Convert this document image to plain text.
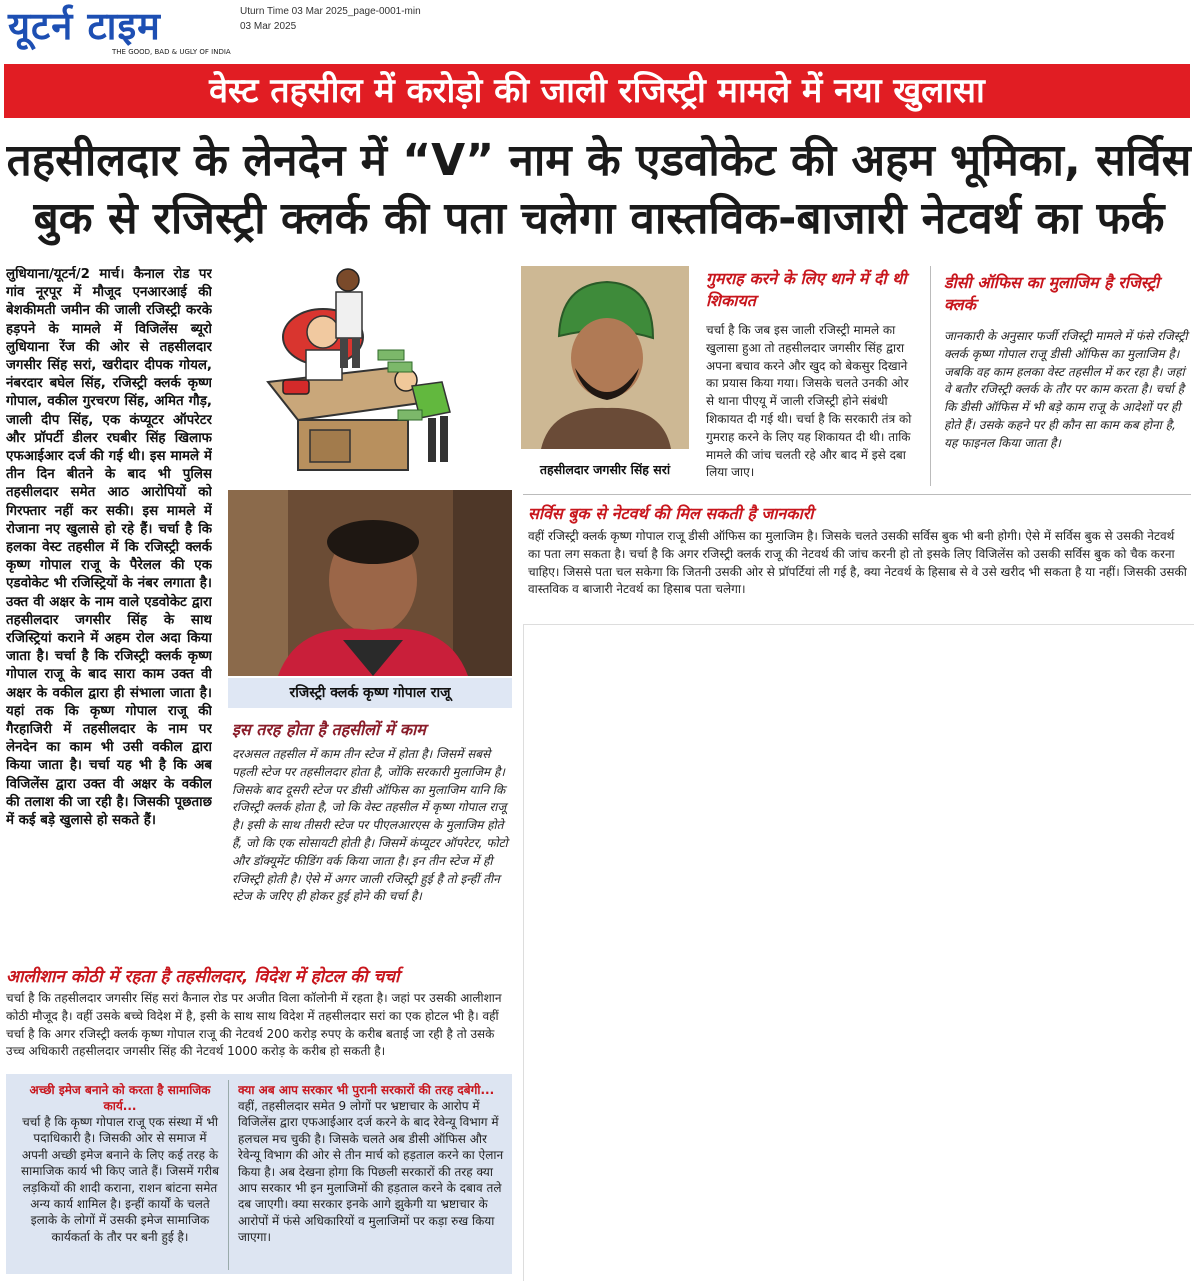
यूटर्न टाइम
THE GOOD, BAD & UGLY OF INDIA
Uturn Time 03 Mar 2025_page-0001-min
03 Mar 2025
वेस्ट तहसील में करोड़ो की जाली रजिस्ट्री मामले में नया खुलासा
तहसीलदार के लेनदेन में “V” नाम के एडवोकेट की अहम भूमिका, सर्विस
बुक से रजिस्ट्री क्लर्क की पता चलेगा वास्तविक-बाजारी नेटवर्थ का फर्क
लुधियाना/यूटर्न/2 मार्च। कैनाल रोड पर गांव नूरपूर में मौजूद एनआरआई की बेशकीमती जमीन की जाली रजिस्ट्री करके हड़पने के मामले में विजिलेंस ब्यूरो लुधियाना रेंज की ओर से तहसीलदार जगसीर सिंह सरां, खरीदार दीपक गोयल, नंबरदार बघेल सिंह, रजिस्ट्री क्लर्क कृष्ण गोपाल, वकील गुरचरण सिंह, अमित गौड़, जाली दीप सिंह, एक कंप्यूटर ऑपरेटर और प्रॉपर्टी डीलर रघबीर सिंह खिलाफ एफआईआर दर्ज की गई थी। इस मामले में तीन दिन बीतने के बाद भी पुलिस तहसीलदार समेत आठ आरोपियों को गिरफ्तार नहीं कर सकी। इस मामले में रोजाना नए खुलासे हो रहे हैं। चर्चा है कि हलका वेस्ट तहसील में कि रजिस्ट्री क्लर्क कृष्ण गोपाल राजू के पैरेलल की एक एडवोकेट भी रजिस्ट्रियों के नंबर लगाता है। उक्त वी अक्षर के नाम वाले एडवोकेट द्वारा तहसीलदार जगसीर सिंह के साथ रजिस्ट्रियां कराने में अहम रोल अदा किया जाता है। चर्चा है कि रजिस्ट्री क्लर्क कृष्ण गोपाल राजू के बाद सारा काम उक्त वी अक्षर के वकील द्वारा ही संभाला जाता है। यहां तक कि कृष्ण गोपाल राजू की गैरहाजिरी में तहसीलदार के नाम पर लेनदेन का काम भी उसी वकील द्वारा किया जाता है। चर्चा यह भी है कि अब विजिलेंस द्वारा उक्त वी अक्षर के वकील की तलाश की जा रही है। जिसकी पूछताछ में कई बड़े खुलासे हो सकते हैं।
रजिस्ट्री क्लर्क कृष्ण गोपाल राजू
इस तरह होता है तहसीलों में काम
दरअसल तहसील में काम तीन स्टेज में होता है। जिसमें सबसे पहली स्टेज पर तहसीलदार होता है, जोंकि सरकारी मुलाजिम है। जिसके बाद दूसरी स्टेज पर डीसी ऑफिस का मुलाजिम यानि कि रजिस्ट्री क्लर्क होता है, जो कि वेस्ट तहसील में कृष्ण गोपाल राजू है। इसी के साथ तीसरी स्टेज पर पीएलआरएस के मुलाजिम होते हैं, जो कि एक सोसायटी होती है। जिसमें कंप्यूटर ऑपरेटर, फोटो और डॉक्यूमेंट फीडिंग वर्क किया जाता है। इन तीन स्टेज में ही रजिस्ट्री होती है। ऐसे में अगर जाली रजिस्ट्री हुई है तो इन्हीं तीन स्टेज के जरिए ही होकर हुई होने की चर्चा है।
तहसीलदार जगसीर सिंह सरां
गुमराह करने के लिए थाने में दी थी शिकायत
चर्चा है कि जब इस जाली रजिस्ट्री मामले का खुलासा हुआ तो तहसीलदार जगसीर सिंह द्वारा अपना बचाव करने और खुद को बेकसुर दिखाने का प्रयास किया गया। जिसके चलते उनकी ओर से थाना पीएयू में जाली रजिस्ट्री होने संबंधी शिकायत दी गई थी। चर्चा है कि सरकारी तंत्र को गुमराह करने के लिए यह शिकायत दी थी। ताकि मामले की जांच चलती रहे और बाद में इसे दबा लिया जाए।
डीसी ऑफिस का मुलाजिम है रजिस्ट्री क्लर्क
जानकारी के अनुसार फर्जी रजिस्ट्री मामले में फंसे रजिस्ट्री क्लर्क कृष्ण गोपाल राजू डीसी ऑफिस का मुलाजिम है। जबकि वह काम हलका वेस्ट तहसील में कर रहा है। जहां वे बतौर रजिस्ट्री क्लर्क के तौर पर काम करता है। चर्चा है कि डीसी ऑफिस में भी बड़े काम राजू के आदेशों पर ही होते हैं। उसके कहने पर ही कौन सा काम कब होना है, यह फाइनल किया जाता है।
सर्विस बुक से नेटवर्थ की मिल सकती है जानकारी
वहीं रजिस्ट्री क्लर्क कृष्ण गोपाल राजू डीसी ऑफिस का मुलाजिम है। जिसके चलते उसकी सर्विस बुक भी बनी होगी। ऐसे में सर्विस बुक से उसकी नेटवर्थ का पता लग सकता है। चर्चा है कि अगर रजिस्ट्री क्लर्क राजू की नेटवर्थ की जांच करनी हो तो इसके लिए विजिलेंस को उसकी सर्विस बुक को चैक करना चाहिए। जिससे पता चल सकेगा कि जितनी उसकी ओर से प्रॉपर्टियां ली गई है, क्या नेटवर्थ के हिसाब से वे उसे खरीद भी सकता है या नहीं। जिसकी उसकी वास्तविक व बाजारी नेटवर्थ का हिसाब पता चलेगा।
आलीशान कोठी में रहता है तहसीलदार, विदेश में होटल की चर्चा
चर्चा है कि तहसीलदार जगसीर सिंह सरां कैनाल रोड पर अजीत विला कॉलोनी में रहता है। जहां पर उसकी आलीशान कोठी मौजूद है। वहीं उसके बच्चे विदेश में है, इसी के साथ साथ विदेश में तहसीलदार सरां का एक होटल भी है। वहीं चर्चा है कि अगर रजिस्ट्री क्लर्क कृष्ण गोपाल राजू की नेटवर्थ 200 करोड़ रुपए के करीब बताई जा रही है तो उसके उच्च अधिकारी तहसीलदार जगसीर सिंह की नेटवर्थ 1000 करोड़ के करीब हो सकती है।
अच्छी इमेज बनाने को करता है सामाजिक कार्य...
चर्चा है कि कृष्ण गोपाल राजू एक संस्था में भी पदाधिकारी है। जिसकी ओर से समाज में अपनी अच्छी इमेज बनाने के लिए कई तरह के सामाजिक कार्य भी किए जाते हैं। जिसमें गरीब लड़कियों की शादी कराना, राशन बांटना समेत अन्य कार्य शामिल है। इन्हीं कार्यों के चलते इलाके के लोगों में उसकी इमेज सामाजिक कार्यकर्ता के तौर पर बनी हुई है।
क्या अब आप सरकार भी पुरानी सरकारों की तरह दबेगी...
वहीं, तहसीलदार समेत 9 लोगों पर भ्रष्टाचार के आरोप में विजिलेंस द्वारा एफआईआर दर्ज करने के बाद रेवेन्यू विभाग में हलचल मच चुकी है। जिसके चलते अब डीसी ऑफिस और रेवेन्यू विभाग की ओर से तीन मार्च को हड़ताल करने का ऐलान किया है। अब देखना होगा कि पिछली सरकारों की तरह क्या आप सरकार भी इन मुलाजिमों की हड़ताल करने के दबाव तले दब जाएगी। क्या सरकार इनके आगे झुकेगी या भ्रष्टाचार के आरोपों में फंसे अधिकारियों व मुलाजिमों पर कड़ा रुख किया जाएगा।
